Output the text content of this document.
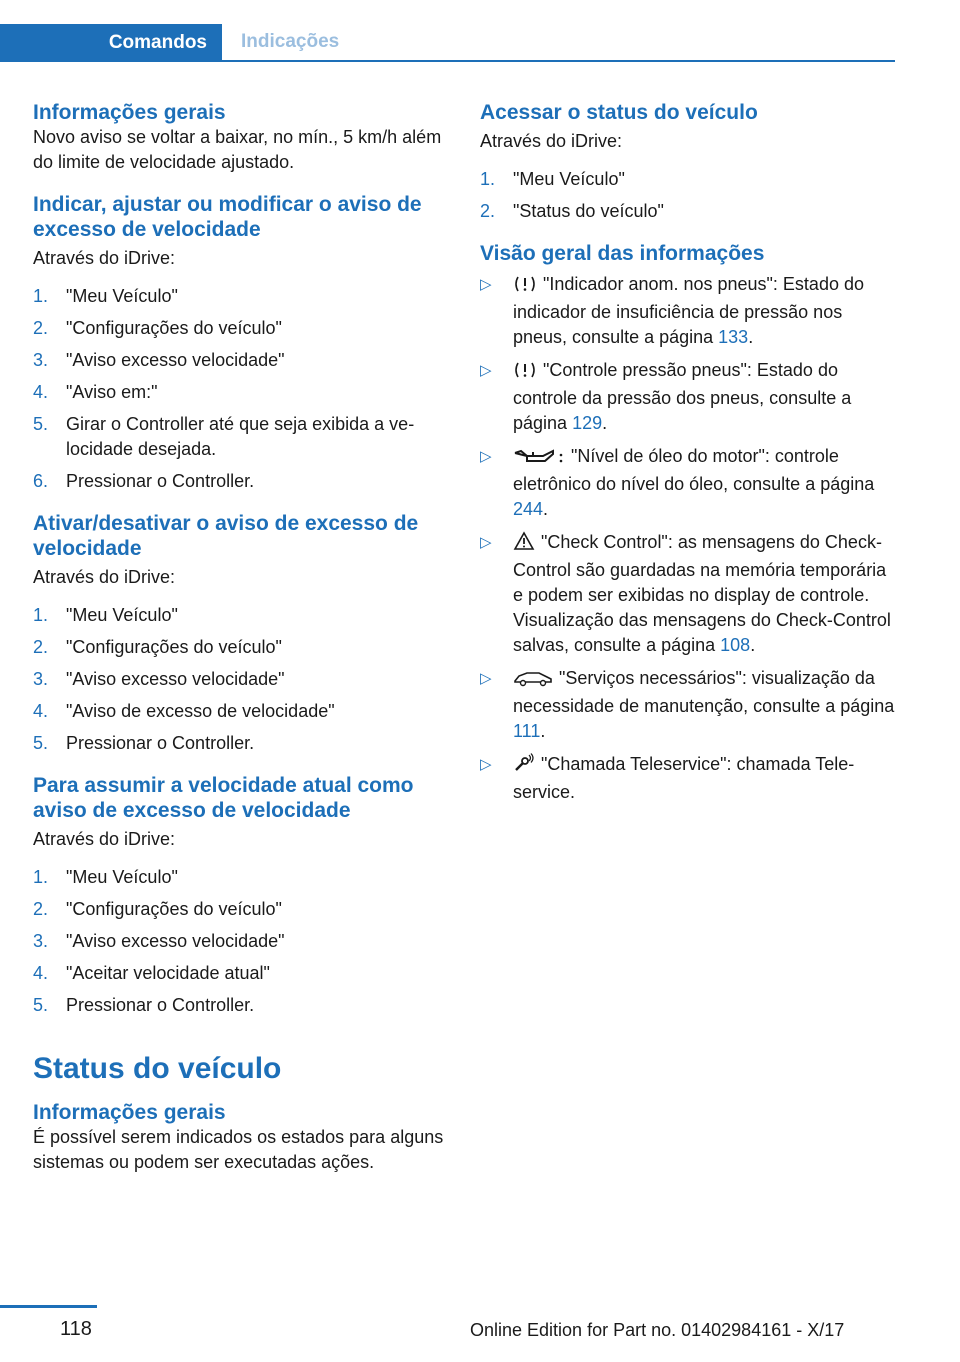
Comandos Indicações
Informações gerais

Novo aviso se voltar a baixar, no mín., 5 km/h além do limite de velocidade ajustado.

Indicar, ajustar ou modificar o aviso de excesso de velocidade

Através do iDrive:

1. "Meu Veículo"
2. "Configurações do veículo"
3. "Aviso excesso velocidade"
4. "Aviso em:"
5. Girar o Controller até que seja exibida a velocidade desejada.
6. Pressionar o Controller.
Ativar/desativar o aviso de excesso de velocidade

Através do iDrive:

1. "Meu Veículo"
2. "Configurações do veículo"
3. "Aviso excesso velocidade"
4. "Aviso de excesso de velocidade"
5. Pressionar o Controller.
Para assumir a velocidade atual como aviso de excesso de velocidade

Através do iDrive:

1. "Meu Veículo"
2. "Configurações do veículo"
3. "Aviso excesso velocidade"
4. "Aceitar velocidade atual"
5. Pressionar o Controller.
Status do veículo
Informações gerais

É possível serem indicados os estados para alguns sistemas ou podem ser executadas ações.

Acessar o status do veículo

Através do iDrive:

1. "Meu Veículo"
2. "Status do veículo"
Visão geral das informações
▷	"Indicador anom. nos pneus": Estado do indicador de insuficiência de pressão nos pneus, consulte a página 133.
▷	"Controle pressão pneus": Estado do controle da pressão dos pneus, consulte a página 129.
▷	"Nível de óleo do motor": controle eletrônico do nível do óleo, consulte a página 244.
▷	"Check Control": as mensagens do Check-Control são guardadas na memória temporária e podem ser exibidas no display de controle. Visualização das mensagens do Check-Control salvas, consulte a página 108.
▷	"Serviços necessários": visualização da necessidade de manutenção, consulte a página 111.
▷	"Chamada Teleservice": chamada Teleservice.
118	Online Edition for Part no. 01402984161 - X/17
